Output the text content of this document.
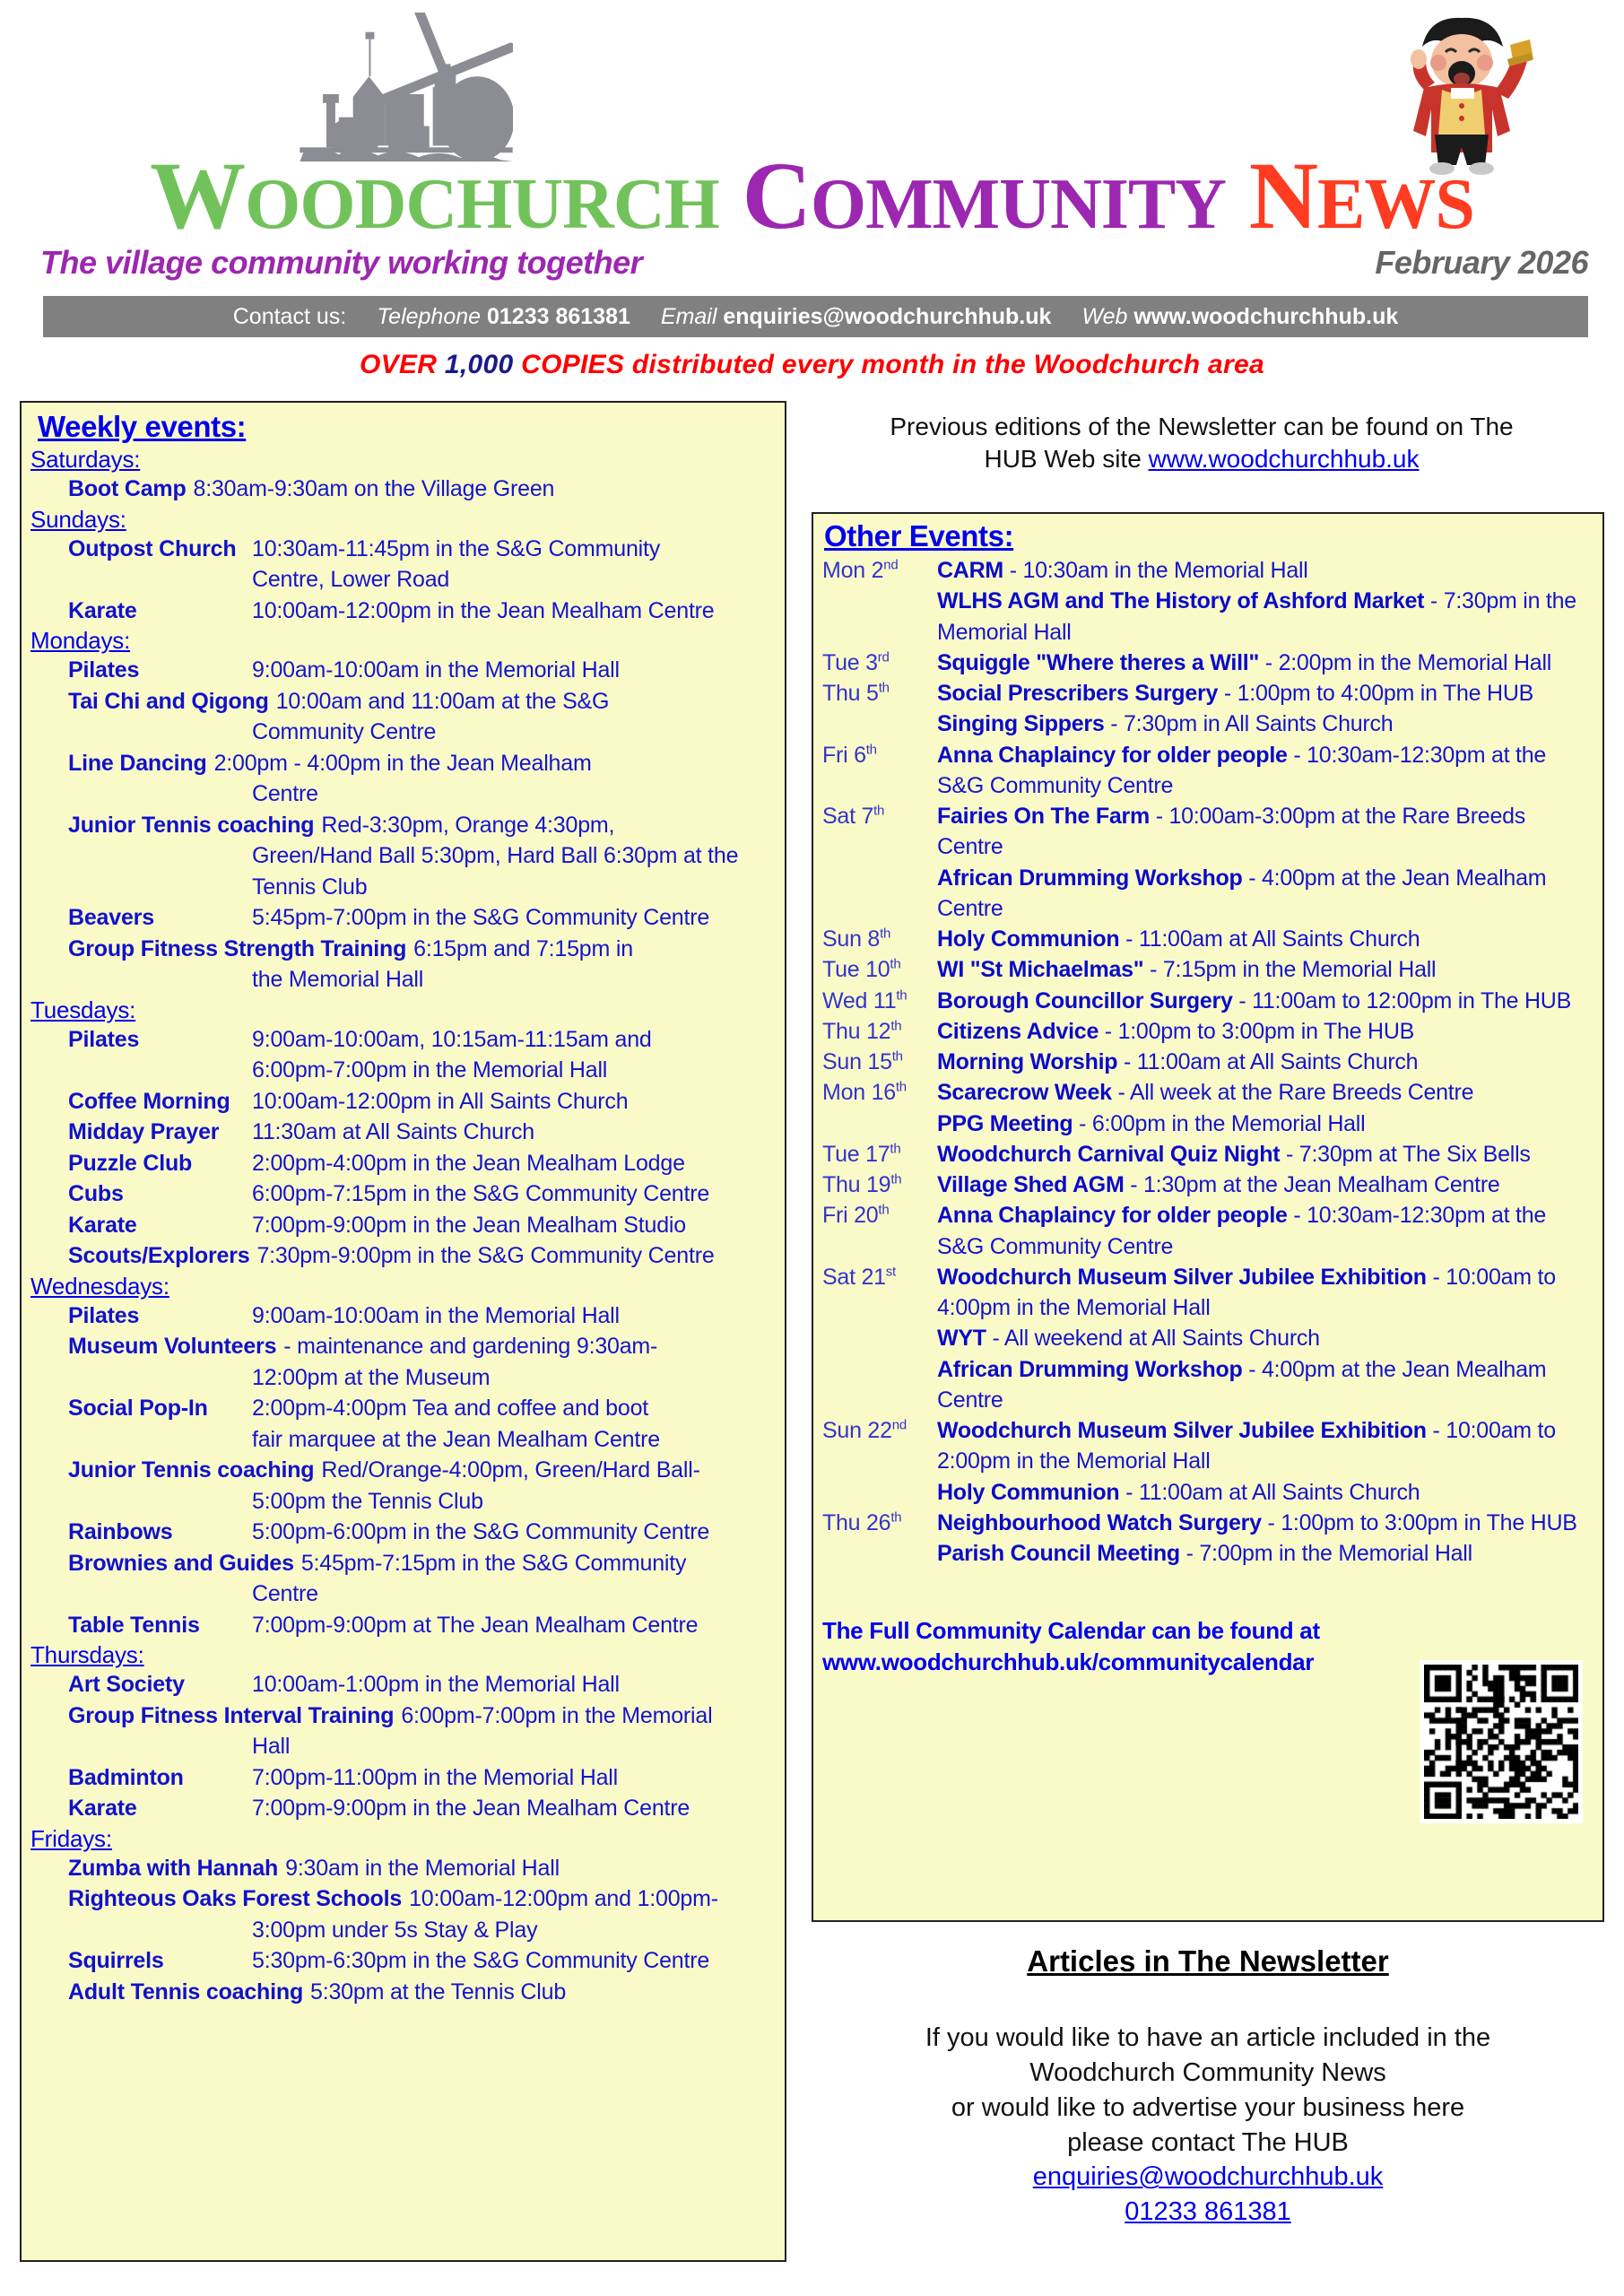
WOODCHURCH COMMUNITY NEWS
The village community working together	February 2026
Contact us: Telephone 01233 861381 Email enquiries@woodchurchhub.uk Web www.woodchurchhub.uk
OVER 1,000 COPIES distributed every month in the Woodchurch area
Weekly events:
Saturdays:
Boot Camp 8:30am-9:30am on the Village Green
Sundays:
Outpost Church 10:30am-11:45pm in the S&G Community

Centre, Lower Road
Karate	10:00am-12:00pm in the Jean Mealham Centre
Mondays:
Pilates	9:00am-10:00am in the Memorial Hall
Tai Chi and Qigong 10:00am and 11:00am at the S&G

Community Centre
Line Dancing 2:00pm - 4:00pm in the Jean Mealham

Centre
Junior Tennis coaching Red-3:30pm, Orange 4:30pm,

Green/Hand Ball 5:30pm, Hard Ball 6:30pm at the Tennis Club
Beavers	5:45pm-7:00pm in the S&G Community Centre
Group Fitness Strength Training 6:15pm and 7:15pm in

the Memorial Hall
Tuesdays:
Pilates	9:00am-10:00am, 10:15am-11:15am and

6:00pm-7:00pm in the Memorial Hall
Coffee Morning 10:00am-12:00pm in All Saints Church
Midday Prayer	11:30am at All Saints Church
Puzzle Club	2:00pm-4:00pm in the Jean Mealham Lodge
Cubs	6:00pm-7:15pm in the S&G Community Centre
Karate	7:00pm-9:00pm in the Jean Mealham Studio
Scouts/Explorers 7:30pm-9:00pm in the S&G Community Centre
Wednesdays:
Pilates	9:00am-10:00am in the Memorial Hall
Museum Volunteers - maintenance and gardening 9:30am-

12:00pm at the Museum
Social Pop-In	2:00pm-4:00pm Tea and coffee and boot

fair marquee at the Jean Mealham Centre
Junior Tennis coaching Red/Orange-4:00pm, Green/Hard Ball-

5:00pm the Tennis Club
Rainbows	5:00pm-6:00pm in the S&G Community Centre
Brownies and Guides 5:45pm-7:15pm in the S&G Community

Centre
Table Tennis	7:00pm-9:00pm at The Jean Mealham Centre
Thursdays:
Art Society	10:00am-1:00pm in the Memorial Hall
Group Fitness Interval Training 6:00pm-7:00pm in the Memorial

Hall
Badminton	7:00pm-11:00pm in the Memorial Hall
Karate	7:00pm-9:00pm in the Jean Mealham Centre
Fridays:
Zumba with Hannah 9:30am in the Memorial Hall
Righteous Oaks Forest Schools 10:00am-12:00pm and 1:00pm-

3:00pm under 5s Stay & Play
Squirrels	5:30pm-6:30pm in the S&G Community Centre
Adult Tennis coaching 5:30pm at the Tennis Club
Previous editions of the Newsletter can be found on The
HUB Web site www.woodchurchhub.uk
Other Events:
Mon 2nd	CARM - 10:30am in the Memorial Hall

WLHS AGM and The History of Ashford Market - 7:30pm in the Memorial Hall
Tue 3rd	Squiggle "Where theres a Will" - 2:00pm in the Memorial Hall
Thu 5th	Social Prescribers Surgery - 1:00pm to 4:00pm in The HUB

Singing Sippers - 7:30pm in All Saints Church
Fri 6th	Anna Chaplaincy for older people - 10:30am-12:30pm at the S&G Community Centre
Sat 7th	Fairies On The Farm - 10:00am-3:00pm at the Rare Breeds Centre

African Drumming Workshop - 4:00pm at the Jean Mealham Centre
Sun 8th	Holy Communion - 11:00am at All Saints Church
Tue 10th	WI "St Michaelmas" - 7:15pm in the Memorial Hall
Wed 11th	Borough Councillor Surgery - 11:00am to 12:00pm in The HUB
Thu 12th	Citizens Advice - 1:00pm to 3:00pm in The HUB
Sun 15th	Morning Worship - 11:00am at All Saints Church
Mon 16th	Scarecrow Week - All week at the Rare Breeds Centre

PPG Meeting - 6:00pm in the Memorial Hall
Tue 17th	Woodchurch Carnival Quiz Night - 7:30pm at The Six Bells
Thu 19th	Village Shed AGM - 1:30pm at the Jean Mealham Centre
Fri 20th	Anna Chaplaincy for older people - 10:30am-12:30pm at the S&G Community Centre
Sat 21st	Woodchurch Museum Silver Jubilee Exhibition - 10:00am to 4:00pm in the Memorial Hall

WYT - All weekend at All Saints Church

African Drumming Workshop - 4:00pm at the Jean Mealham Centre
Sun 22nd	Woodchurch Museum Silver Jubilee Exhibition - 10:00am to 2:00pm in the Memorial Hall

Holy Communion - 11:00am at All Saints Church
Thu 26th	Neighbourhood Watch Surgery - 1:00pm to 3:00pm in The HUB

Parish Council Meeting - 7:00pm in the Memorial Hall
The Full Community Calendar can be found at
www.woodchurchhub.uk/communitycalendar
Articles in The Newsletter
If you would like to have an article included in the
Woodchurch Community News
or would like to advertise your business here
please contact The HUB
enquiries@woodchurchhub.uk
01233 861381
